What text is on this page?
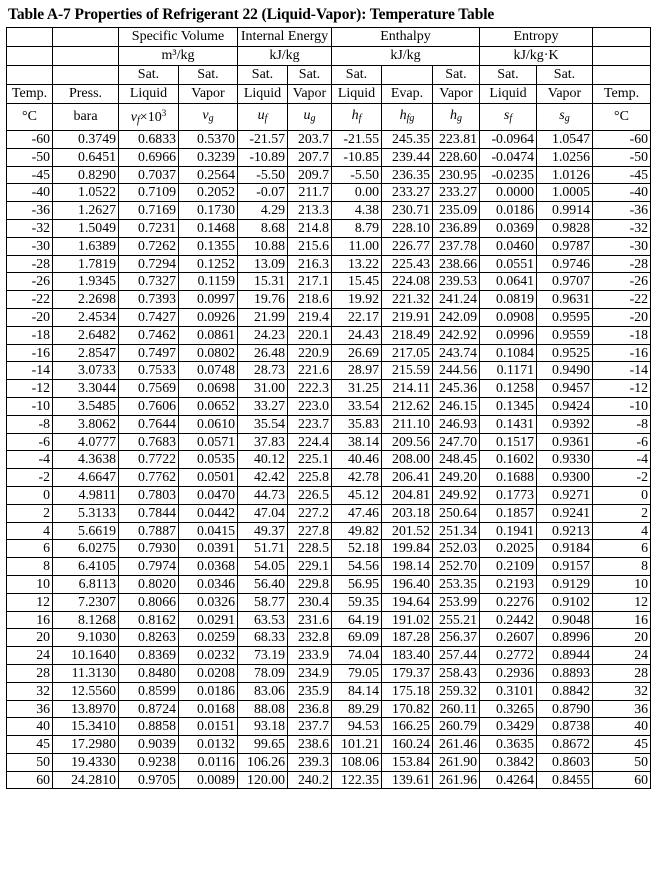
Table A-7 Properties of Refrigerant 22 (Liquid-Vapor): Temperature Table
		Specific Volume		Internal Energy		Enthalpy			Entropy		
		m³/kg		kJ/kg		kJ/kg			kJ/kg·K		
		Sat.	Sat.	Sat.	Sat.	Sat.		Sat.	Sat.	Sat.	
Temp.	Press.	Liquid	Vapor	Liquid	Vapor	Liquid	Evap.	Vapor	Liquid	Vapor	Temp.
°C	bara	$v_f\times 10^3$	$v_g$	$u_f$	$u_g$	$h_f$	$h_{fg}$	$h_g$	$s_f$	$s_g$	°C
-60	0.3749	0.6833	0.5370	-21.57	203.7	-21.55	245.35	223.81	-0.0964	1.0547	-60
-50	0.6451	0.6966	0.3239	-10.89	207.7	-10.85	239.44	228.60	-0.0474	1.0256	-50
-45	0.8290	0.7037	0.2564	-5.50	209.7	-5.50	236.35	230.95	-0.0235	1.0126	-45
-40	1.0522	0.7109	0.2052	-0.07	211.7	0.00	233.27	233.27	0.0000	1.0005	-40
-36	1.2627	0.7169	0.1730	4.29	213.3	4.38	230.71	235.09	0.0186	0.9914	-36
-32	1.5049	0.7231	0.1468	8.68	214.8	8.79	228.10	236.89	0.0369	0.9828	-32
-30	1.6389	0.7262	0.1355	10.88	215.6	11.00	226.77	237.78	0.0460	0.9787	-30
-28	1.7819	0.7294	0.1252	13.09	216.3	13.22	225.43	238.66	0.0551	0.9746	-28
-26	1.9345	0.7327	0.1159	15.31	217.1	15.45	224.08	239.53	0.0641	0.9707	-26
-22	2.2698	0.7393	0.0997	19.76	218.6	19.92	221.32	241.24	0.0819	0.9631	-22
-20	2.4534	0.7427	0.0926	21.99	219.4	22.17	219.91	242.09	0.0908	0.9595	-20
-18	2.6482	0.7462	0.0861	24.23	220.1	24.43	218.49	242.92	0.0996	0.9559	-18
-16	2.8547	0.7497	0.0802	26.48	220.9	26.69	217.05	243.74	0.1084	0.9525	-16
-14	3.0733	0.7533	0.0748	28.73	221.6	28.97	215.59	244.56	0.1171	0.9490	-14
-12	3.3044	0.7569	0.0698	31.00	222.3	31.25	214.11	245.36	0.1258	0.9457	-12
-10	3.5485	0.7606	0.0652	33.27	223.0	33.54	212.62	246.15	0.1345	0.9424	-10
-8	3.8062	0.7644	0.0610	35.54	223.7	35.83	211.10	246.93	0.1431	0.9392	-8
-6	4.0777	0.7683	0.0571	37.83	224.4	38.14	209.56	247.70	0.1517	0.9361	-6
-4	4.3638	0.7722	0.0535	40.12	225.1	40.46	208.00	248.45	0.1602	0.9330	-4
-2	4.6647	0.7762	0.0501	42.42	225.8	42.78	206.41	249.20	0.1688	0.9300	-2
0	4.9811	0.7803	0.0470	44.73	226.5	45.12	204.81	249.92	0.1773	0.9271	0
2	5.3133	0.7844	0.0442	47.04	227.2	47.46	203.18	250.64	0.1857	0.9241	2
4	5.6619	0.7887	0.0415	49.37	227.8	49.82	201.52	251.34	0.1941	0.9213	4
6	6.0275	0.7930	0.0391	51.71	228.5	52.18	199.84	252.03	0.2025	0.9184	6
8	6.4105	0.7974	0.0368	54.05	229.1	54.56	198.14	252.70	0.2109	0.9157	8
10	6.8113	0.8020	0.0346	56.40	229.8	56.95	196.40	253.35	0.2193	0.9129	10
12	7.2307	0.8066	0.0326	58.77	230.4	59.35	194.64	253.99	0.2276	0.9102	12
16	8.1268	0.8162	0.0291	63.53	231.6	64.19	191.02	255.21	0.2442	0.9048	16
20	9.1030	0.8263	0.0259	68.33	232.8	69.09	187.28	256.37	0.2607	0.8996	20
24	10.1640	0.8369	0.0232	73.19	233.9	74.04	183.40	257.44	0.2772	0.8944	24
28	11.3130	0.8480	0.0208	78.09	234.9	79.05	179.37	258.43	0.2936	0.8893	28
32	12.5560	0.8599	0.0186	83.06	235.9	84.14	175.18	259.32	0.3101	0.8842	32
36	13.8970	0.8724	0.0168	88.08	236.8	89.29	170.82	260.11	0.3265	0.8790	36
40	15.3410	0.8858	0.0151	93.18	237.7	94.53	166.25	260.79	0.3429	0.8738	40
45	17.2980	0.9039	0.0132	99.65	238.6	101.21	160.24	261.46	0.3635	0.8672	45
50	19.4330	0.9238	0.0116	106.26	239.3	108.06	153.84	261.90	0.3842	0.8603	50
60	24.2810	0.9705	0.0089	120.00	240.2	122.35	139.61	261.96	0.4264	0.8455	60
